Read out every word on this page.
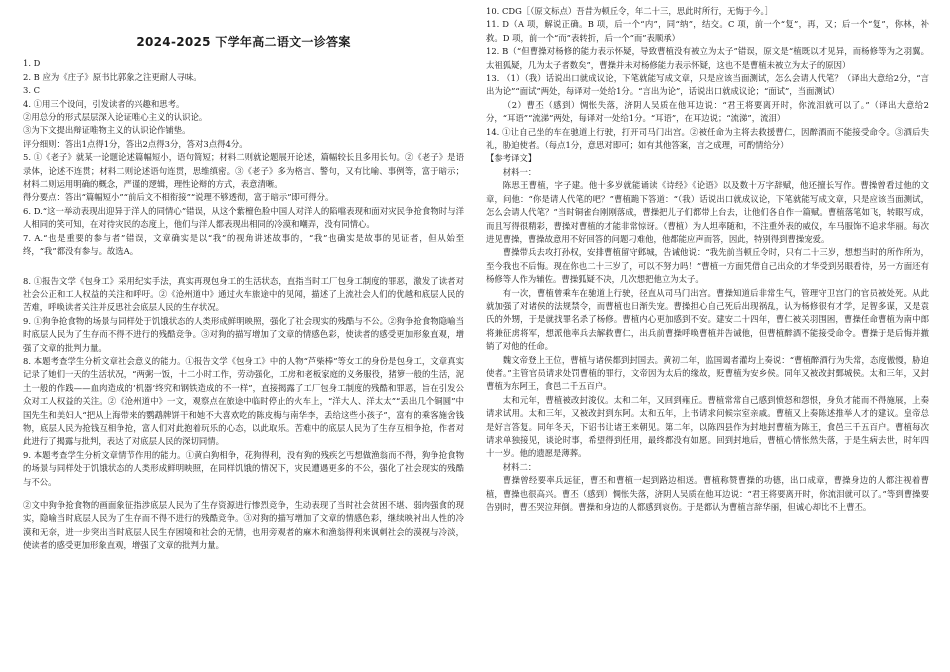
2024-2025 下学年高二语文一诊答案

1. D

2. B 应为《庄子》原书比郭象之注更耐人寻味。

3. C

4. ①用三个设问，引发读者的兴趣和思考。

②用总分的形式层层深入论证唯心主义的认识论。

③为下文提出辩证唯物主义的认识论作铺垫。

评分细则：答出1点得1分，答出2点得3分，答对3点得4分。

5. ①《老子》就某一论题论述篇幅短小，语句简短；材料二则就论题展开论述，篇幅较长且多用长句。②《老子》是语录体，论述不连贯；材料二则论述语句连贯，思维缜密。③《老子》多为格言、警句，又有比喻、事例等，富于暗示；材料二则运用明确的概念，严谨的逻辑，理性论辩的方式，表意清晰。

得分要点：答出“篇幅短小”“前后文不相衔接”“说理不够透彻，富于暗示”即可得分。

6. D.“这一举动表现出迎异于洋人的同情心”错误，从这个紫檀色脸中国人对洋人的陷噹表现和面对灾民争抢食物时与洋人相同的笑可知，在对待灾民的态度上，他们与洋人都表现出相同的冷漠和嘲弄，没有同情心。

7. A.“也是重要的参与者”错误，文章确实是以“我”的视角讲述故事的，“我”也确实是故事的见证者，但从始至终，“我”都没有参与。故选A。

8. ①报告文学《包身工》采用纪实手法，真实再现包身工的生活状态，直指当时工厂包身工制度的罪恶，激发了读者对社会公正和工人权益的关注和呼吁。②《沧州道中》通过火车旅途中的见闻，描述了上流社会人们的优越和底层人民的苦难，呼唤读者关注并反思社会底层人民的生存状况。

9. ①狗争抢食物的场景与同样处于饥饿状态的人类形成鲜明映照，强化了社会现实的残酷与不公。②狗争抢食物隐喻当时底层人民为了生存而不得不进行的残酷竞争。③对狗的描写增加了文章的情感色彩，使读者的感受更加形象直观，增强了文章的批判力量。

8. 本题考查学生分析文章社会意义的能力。①报告文学《包身工》中的人物“芦柴棒”等女工的身份是包身工，文章真实记录了她们一天的生活状况，“两粥一饭，十二小时工作，劳动强化，工房和老板家庭的义务服役，猪箩一般的生活，泥土一般的作践——血肉造成的‘机器’终究和钢铁造成的不一样”，直接揭露了工厂包身工制度的残酷和罪恶，旨在引发公众对工人权益的关注。②《沧州道中》一文，观察点在旅途中临时停止的火车上，“洋大人、洋太太”“丢出几个铜圆”中国先生和美妇人“把从上海带来的鹦鹉牌饼干和她不大喜欢吃的陈皮梅与南华李，丢给这些小孩子”，富有的乘客施舍钱物，底层人民为抢钱互相争抢，富人们对此抱着玩乐的心态，以此取乐。苦难中的底层人民为了生存互相争抢，作者对此进行了揭露与批判，表达了对底层人民的深切同情。

9. 本题考查学生分析文章情节作用的能力。①黄白狗相争，花狗得利，没有狗的残疾乞丐想做渔翁而不得，狗争抢食物的场景与同样处于饥饿状态的人类形成鲜明映照，在同样饥饿的情况下，灾民遭遇更多的不公，强化了社会现实的残酷与不公。

②文中狗争抢食物的画面象征指涉底层人民为了生存资源进行惨烈竞争，生动表现了当时社会贫困不堪、弱肉强食的现实，隐喻当时底层人民为了生存而不得不进行的残酷竞争。③对狗的描写增加了文章的情感色彩，继续映衬出人性的冷漠和无奈，进一步突出当时底层人民生存困境和社会的无情，也用旁观者的麻木和渔翁得利来讽刺社会的漠视与冷淡，使读者的感受更加形象直观，增强了文章的批判力量。

10. CDG［（原文标点）吾昔为顿丘令，年二十三，思此时所行，无悔于今。］

11. D（A 项，解说正确。B 项，后一个“内”，同“纳”，结交。C 项，前一个“复”，再，又；后一个“复”，你林，补救。D 项，前一个“而”表转折，后一个“而”表顺承）

12. B（“但曹操对杨修的能力表示怀疑，导致曹植没有被立为太子”错误，原文是“植既以才见异，而杨修等为之羽翼。太祖狐疑，几为太子者数矣”，曹操并未对杨修能力表示怀疑，这也不是曹植未被立为太子的原因）

13. （1）（我）话说出口就成议论，下笔就能写成文章，只是应该当面测试，怎么会请人代笔？（译出大意给2分，“言出为论”“面试”两处，每译对一处给1分。“言出为论”，话说出口就成议论；“面试”，当面测试）

（2）曹丕（感到）惆怅失落，济阴人吴质在他耳边说：“君王将要离开时，你流泪就可以了。”（译出大意给2分，“耳语”“流涕”两处，每译对一处给1分。“耳语”，在耳边说；“流涕”，流泪）

14. ①让自己坐的车在驰道上行驶，打开司马门出宫。②被任命为主将去救援曹仁，因醉酒而不能接受命令。③酒后失礼，胁迫使者。（每点1分，意思对即可；如有其他答案，言之成理，可酌情给分）

【参考译文】

材料一：

陈思王曹植，字子建。他十多岁就能诵读《诗经》《论语》以及数十万字辞赋，他还擅长写作。曹操曾看过他的文章，问他：“你是请人代笔的吧？”曹植跪下答道：“（我）话说出口就成议论，下笔就能写成文章，只是应该当面测试，怎么会请人代笔？”当时铜雀台刚刚落成，曹操把儿子们都带上台去，让他们各自作一篇赋。曹植落笔如飞，转眼写成，而且写得很精彩，曹操对曹植的才能非常惊讶。（曹植）为人坦率随和，不注重外表的威仪，车马服饰不追求华丽。每次进见曹操，曹操故意用不好回答的问题刁难他，他都能应声而答，因此，特别得到曹操宠爱。

曹操带兵去攻打孙权，安排曹植留守邺城，告诫他说：“我先前当顿丘令时，只有二十三岁，想想当时的所作所为，至今我也不后悔。现在你也二十三岁了，可以不努力吗！”曹植一方面凭借自己出众的才华受到另眼看待，另一方面还有杨修等人作为辅佐。曹操狐疑不决，几次想把他立为太子。

有一次，曹植曾乘车在驰道上行驶，径直从司马门出宫。曹操知道后非常生气，管理守卫宫门的官员被处死。从此就加强了对诸侯的法规禁令，而曹植也日渐失宠。曹操担心自己死后出现祸乱，认为杨修很有才学，足智多谋，又是袁氏的外甥，于是就找罪名杀了杨修。曹植内心更加感到不安。建安二十四年，曹仁被关羽围困，曹操任命曹植为南中郎将兼征虏将军，想派他率兵去解救曹仁，出兵前曹操呼唤曹植并告诫他，但曹植醉酒不能接受命令。曹操于是后悔并撤销了对他的任命。

魏文帝登上王位，曹植与诸侯都到封国去。黄初二年，监国谒者灌均上奏说：“曹植醉酒行为失常，态度傲慢，胁迫使者。”主管官员请求处罚曹植的罪行，文帝因为太后的缘故，贬曹植为安乡侯。同年又被改封鄄城侯。太和三年，又封曹植为东阿王，食邑二千五百户。

太和元年，曹植被改封浚仪。太和二年，又回到雍丘。曹植常常自己感到愤怒和怨恨，身负才能而不得施展，上奏请求试用。太和三年，又被改封到东阿。太和五年，上书请求问候宗室亲戚。曹植又上奏陈述推举人才的建议。皇帝总是好言答复。同年冬天，下诏书让诸王来朝见。第二年，以陈四县作为封地封曹植为陈王，食邑三千五百户。曹植每次请求单独接见，谈论时事，希望得到任用，最终都没有如愿。回到封地后，曹植心情怅然失落，于是生病去世，时年四十一岁。他的遗愿是薄葬。

材料二：

曹操曾经要率兵远征，曹丕和曹植一起到路边相送。曹植称赞曹操的功德，出口成章，曹操身边的人都注视着曹植，曹操也很高兴。曹丕（感到）惆怅失落，济阴人吴质在他耳边说：“君王将要离开时，你流泪就可以了。”等到曹操要告别时，曹丕哭泣拜倒。曹操和身边的人都感到哀伤。于是都认为曹植言辞华丽，但诚心却比不上曹丕。
